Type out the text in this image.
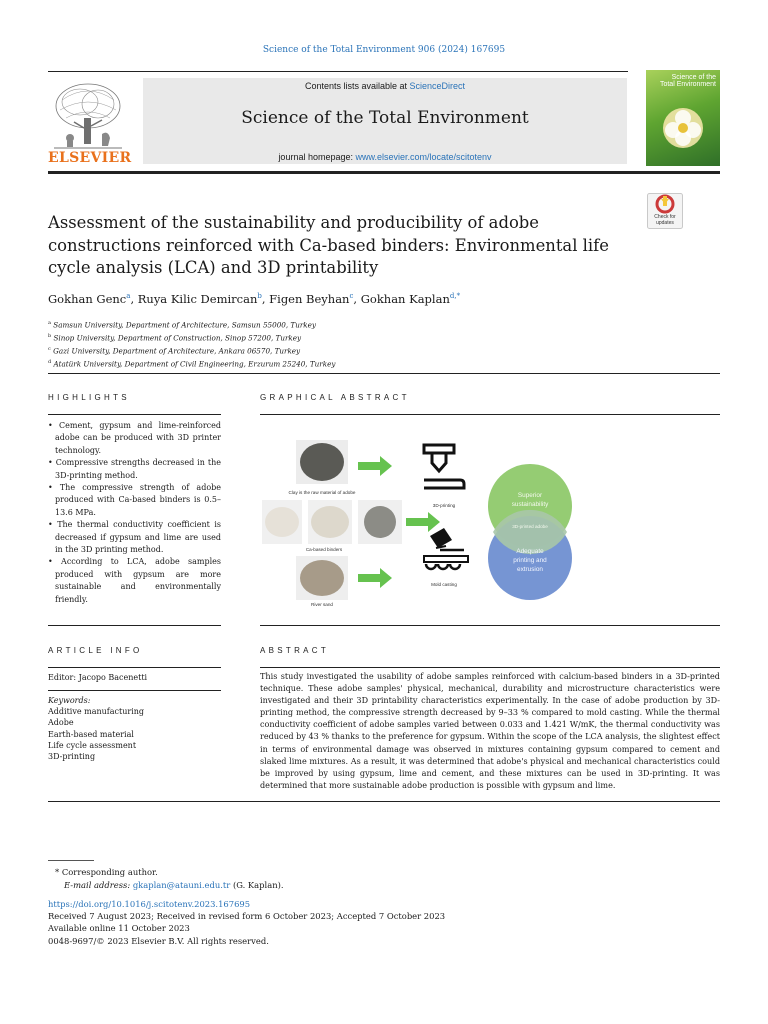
Science of the Total Environment 906 (2024) 167695
ELSEVIER
Contents lists available at ScienceDirect
Science of the Total Environment
journal homepage: www.elsevier.com/locate/scitotenv
Science of the
Total Environment
Check for
updates
Assessment of the sustainability and producibility of adobe constructions reinforced with Ca-based binders: Environmental life cycle analysis (LCA) and 3D printability
Gokhan Genc$^a$, Ruya Kilic Demircan$^b$, Figen Beyhan$^c$, Gokhan Kaplan$^{d,*}$
$^a$ Samsun University, Department of Architecture, Samsun 55000, Turkey
$^b$ Sinop University, Department of Construction, Sinop 57200, Turkey
$^c$ Gazi University, Department of Architecture, Ankara 06570, Turkey
$^d$ Atatürk University, Department of Civil Engineering, Erzurum 25240, Turkey
HIGHLIGHTS

• Cement, gypsum and lime-reinforced adobe can be produced with 3D printer technology.

• Compressive strengths decreased in the 3D-printing method.

• The compressive strength of adobe produced with Ca-based binders is 0.5–13.6 MPa.

• The thermal conductivity coefficient is decreased if gypsum and lime are used in the 3D printing method.

• According to LCA, adobe samples produced with gypsum are more sustainable and environmentally friendly.

GRAPHICAL ABSTRACT
Clay is the raw material of adobe
Ca-based binders
River sand
3D-printing
Mold casting
Superior
sustainability
3D-printed adobe
Adequate
printing and
extrusion
ARTICLE INFO
Editor: Jacopo Bacenetti
Keywords:
Additive manufacturing
Adobe
Earth-based material
Life cycle assessment
3D-printing
ABSTRACT
This study investigated the usability of adobe samples reinforced with calcium-based binders in a 3D-printed technique. These adobe samples' physical, mechanical, durability and microstructure characteristics were investigated and their 3D printability characteristics experimentally. In the case of adobe production by 3D-printing method, the compressive strength decreased by 9–33 % compared to mold casting. While the thermal conductivity coefficient of adobe samples varied between 0.033 and 1.421 W/mK, the thermal conductivity was reduced by 43 % thanks to the preference for gypsum. Within the scope of the LCA analysis, the slightest effect in terms of environmental damage was observed in mixtures containing gypsum compared to cement and slaked lime mixtures. As a result, it was determined that adobe's physical and mechanical characteristics could be improved by using gypsum, lime and cement, and these mixtures can be used in 3D-printing. It was determined that more sustainable adobe production is possible with gypsum and lime.
* Corresponding author.
E-mail address: gkaplan@atauni.edu.tr (G. Kaplan).
https://doi.org/10.1016/j.scitotenv.2023.167695
Received 7 August 2023; Received in revised form 6 October 2023; Accepted 7 October 2023
Available online 11 October 2023
0048-9697/© 2023 Elsevier B.V. All rights reserved.
